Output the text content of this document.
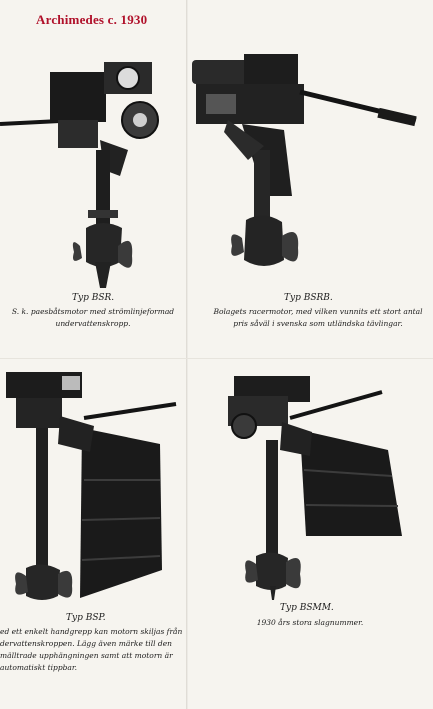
Archimedes c. 1930
Typ BSR.
S. k. paesbåtsmotor med strömlinjeformad undervattenskropp.
Typ BSRB.
Bolagets racermotor, med vilken vunnits ett stort antal pris såväl i svenska som utländska tävlingar.
Typ BSP.
ed ett enkelt handgrepp kan motorn skiljas från dervattenskroppen. Lägg även märke till den mälltrade upphängningen samt att motorn är automatiskt tippbar.
Typ BSMM.
1930 års stora slagnummer.
